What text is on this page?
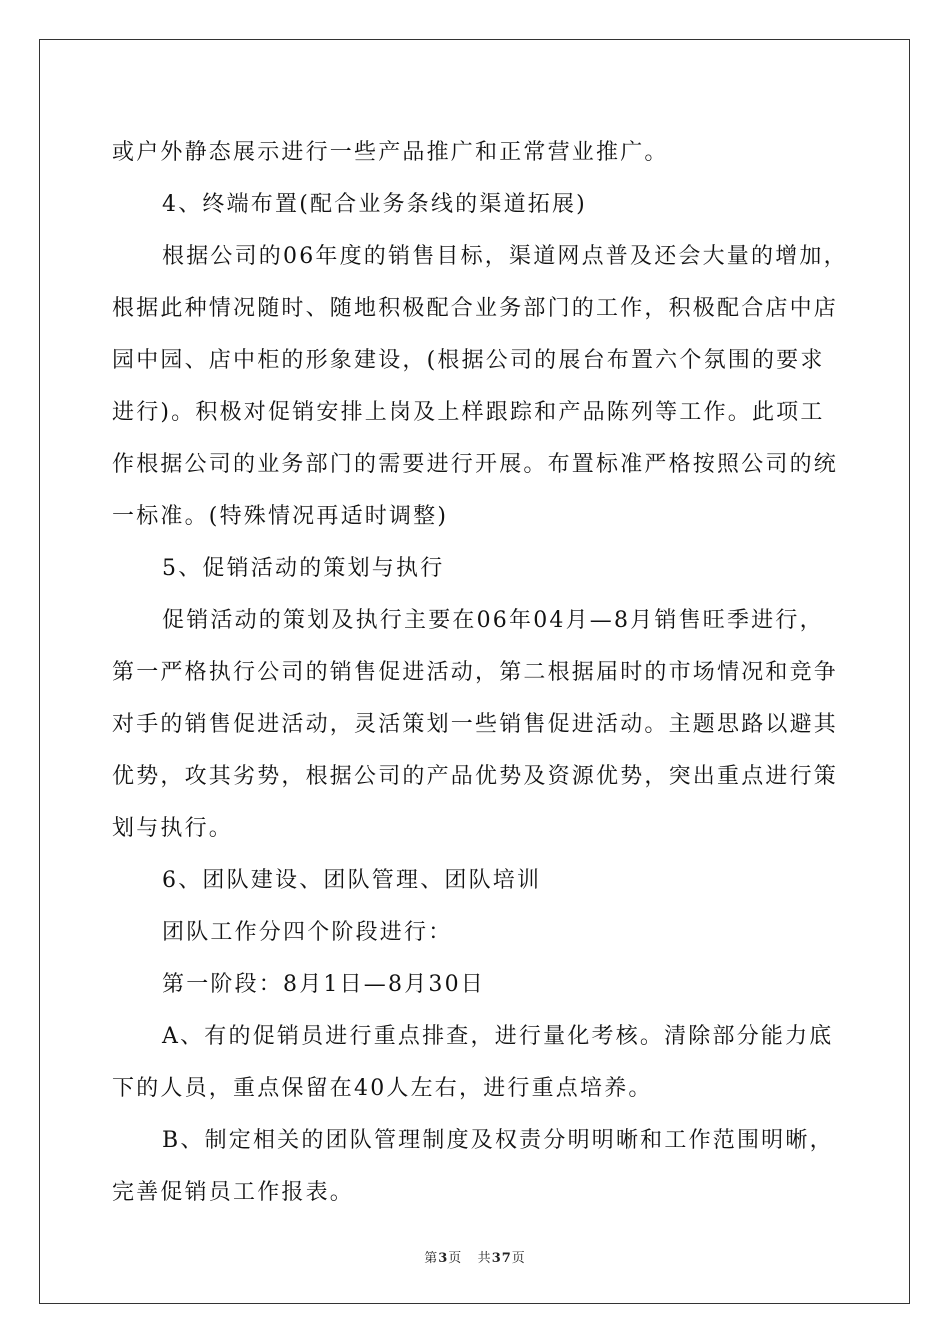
或户外静态展示进行一些产品推广和正常营业推广。
4、终端布置(配合业务条线的渠道拓展)
根据公司的06年度的销售目标，渠道网点普及还会大量的增加，
根据此种情况随时、随地积极配合业务部门的工作，积极配合店中店
园中园、店中柜的形象建设，(根据公司的展台布置六个氛围的要求
进行)。积极对促销安排上岗及上样跟踪和产品陈列等工作。此项工
作根据公司的业务部门的需要进行开展。布置标准严格按照公司的统
一标准。(特殊情况再适时调整)
5、促销活动的策划与执行
促销活动的策划及执行主要在06年04月—8月销售旺季进行，
第一严格执行公司的销售促进活动，第二根据届时的市场情况和竞争
对手的销售促进活动，灵活策划一些销售促进活动。主题思路以避其
优势，攻其劣势，根据公司的产品优势及资源优势，突出重点进行策
划与执行。
6、团队建设、团队管理、团队培训
团队工作分四个阶段进行：
第一阶段：8月1日—8月30日
A、有的促销员进行重点排查，进行量化考核。清除部分能力底
下的人员，重点保留在40人左右，进行重点培养。
B、制定相关的团队管理制度及权责分明明晰和工作范围明晰，
完善促销员工作报表。
第3页 共37页
